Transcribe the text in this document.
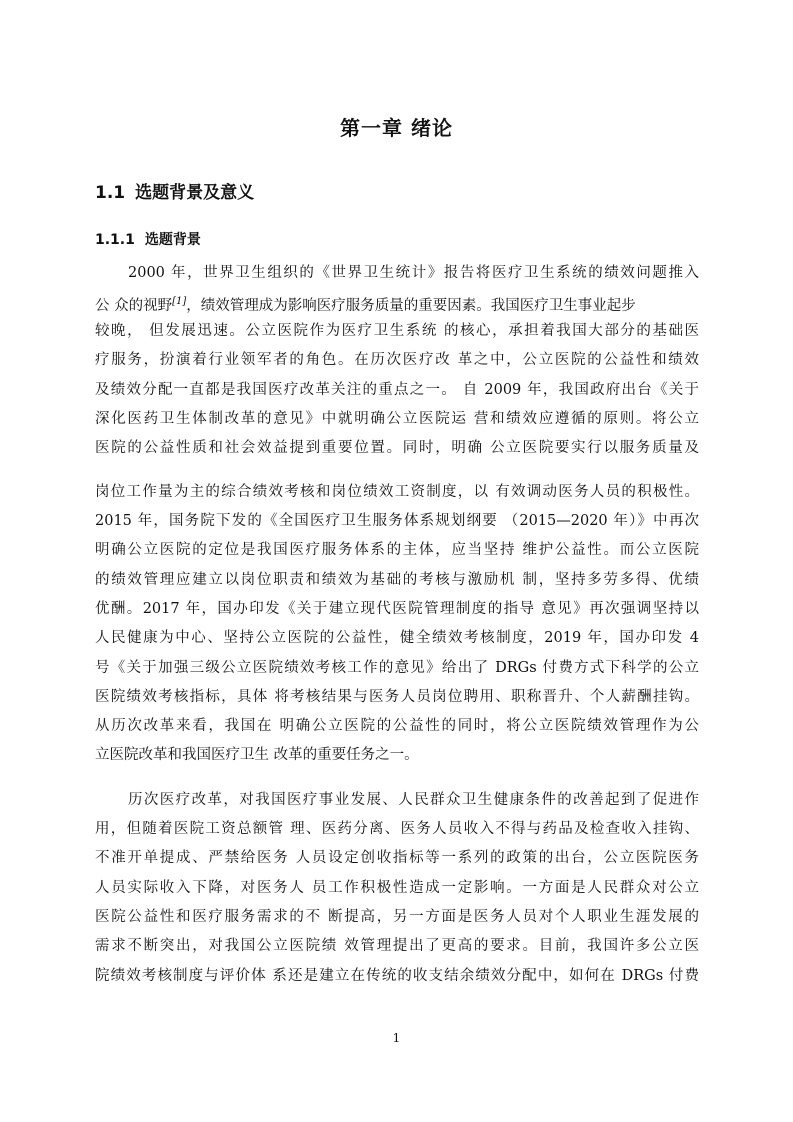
第一章 绪论
1.1 选题背景及意义
1.1.1 选题背景
2000 年，世界卫生组织的《世界卫生统计》报告将医疗卫生系统的绩效问题推入
公 众的视野[1]，绩效管理成为影响医疗服务质量的重要因素。我国医疗卫生事业起步
较晚， 但发展迅速。公立医院作为医疗卫生系统 的核心，承担着我国大部分的基础医
疗服务，扮演着行业领军者的角色。在历次医疗改 革之中，公立医院的公益性和绩效
及绩效分配一直都是我国医疗改革关注的重点之一。 自 2009 年，我国政府出台《关于
深化医药卫生体制改革的意见》中就明确公立医院运 营和绩效应遵循的原则。将公立
医院的公益性质和社会效益提到重要位置。同时，明确 公立医院要实行以服务质量及
岗位工作量为主的综合绩效考核和岗位绩效工资制度，以 有效调动医务人员的积极性。
2015 年，国务院下发的《全国医疗卫生服务体系规划纲要 （2015—2020 年）》中再次
明确公立医院的定位是我国医疗服务体系的主体，应当坚持 维护公益性。而公立医院
的绩效管理应建立以岗位职责和绩效为基础的考核与激励机 制，坚持多劳多得、优绩
优酬。2017 年，国办印发《关于建立现代医院管理制度的指导 意见》再次强调坚持以
人民健康为中心、坚持公立医院的公益性，健全绩效考核制度，2019 年，国办印发 4
号《关于加强三级公立医院绩效考核工作的意见》给出了 DRGs 付费方式下科学的公立
医院绩效考核指标，具体 将考核结果与医务人员岗位聘用、职称晋升、个人薪酬挂钩。
从历次改革来看，我国在 明确公立医院的公益性的同时，将公立医院绩效管理作为公
立医院改革和我国医疗卫生 改革的重要任务之一。
历次医疗改革，对我国医疗事业发展、人民群众卫生健康条件的改善起到了促进作
用，但随着医院工资总额管 理、医药分离、医务人员收入不得与药品及检查收入挂钩、
不准开单提成、严禁给医务 人员设定创收指标等一系列的政策的出台，公立医院医务
人员实际收入下降，对医务人 员工作积极性造成一定影响。一方面是人民群众对公立
医院公益性和医疗服务需求的不 断提高，另一方面是医务人员对个人职业生涯发展的
需求不断突出，对我国公立医院绩 效管理提出了更高的要求。目前，我国许多公立医
院绩效考核制度与评价体 系还是建立在传统的收支结余绩效分配中，如何在 DRGs 付费
1
